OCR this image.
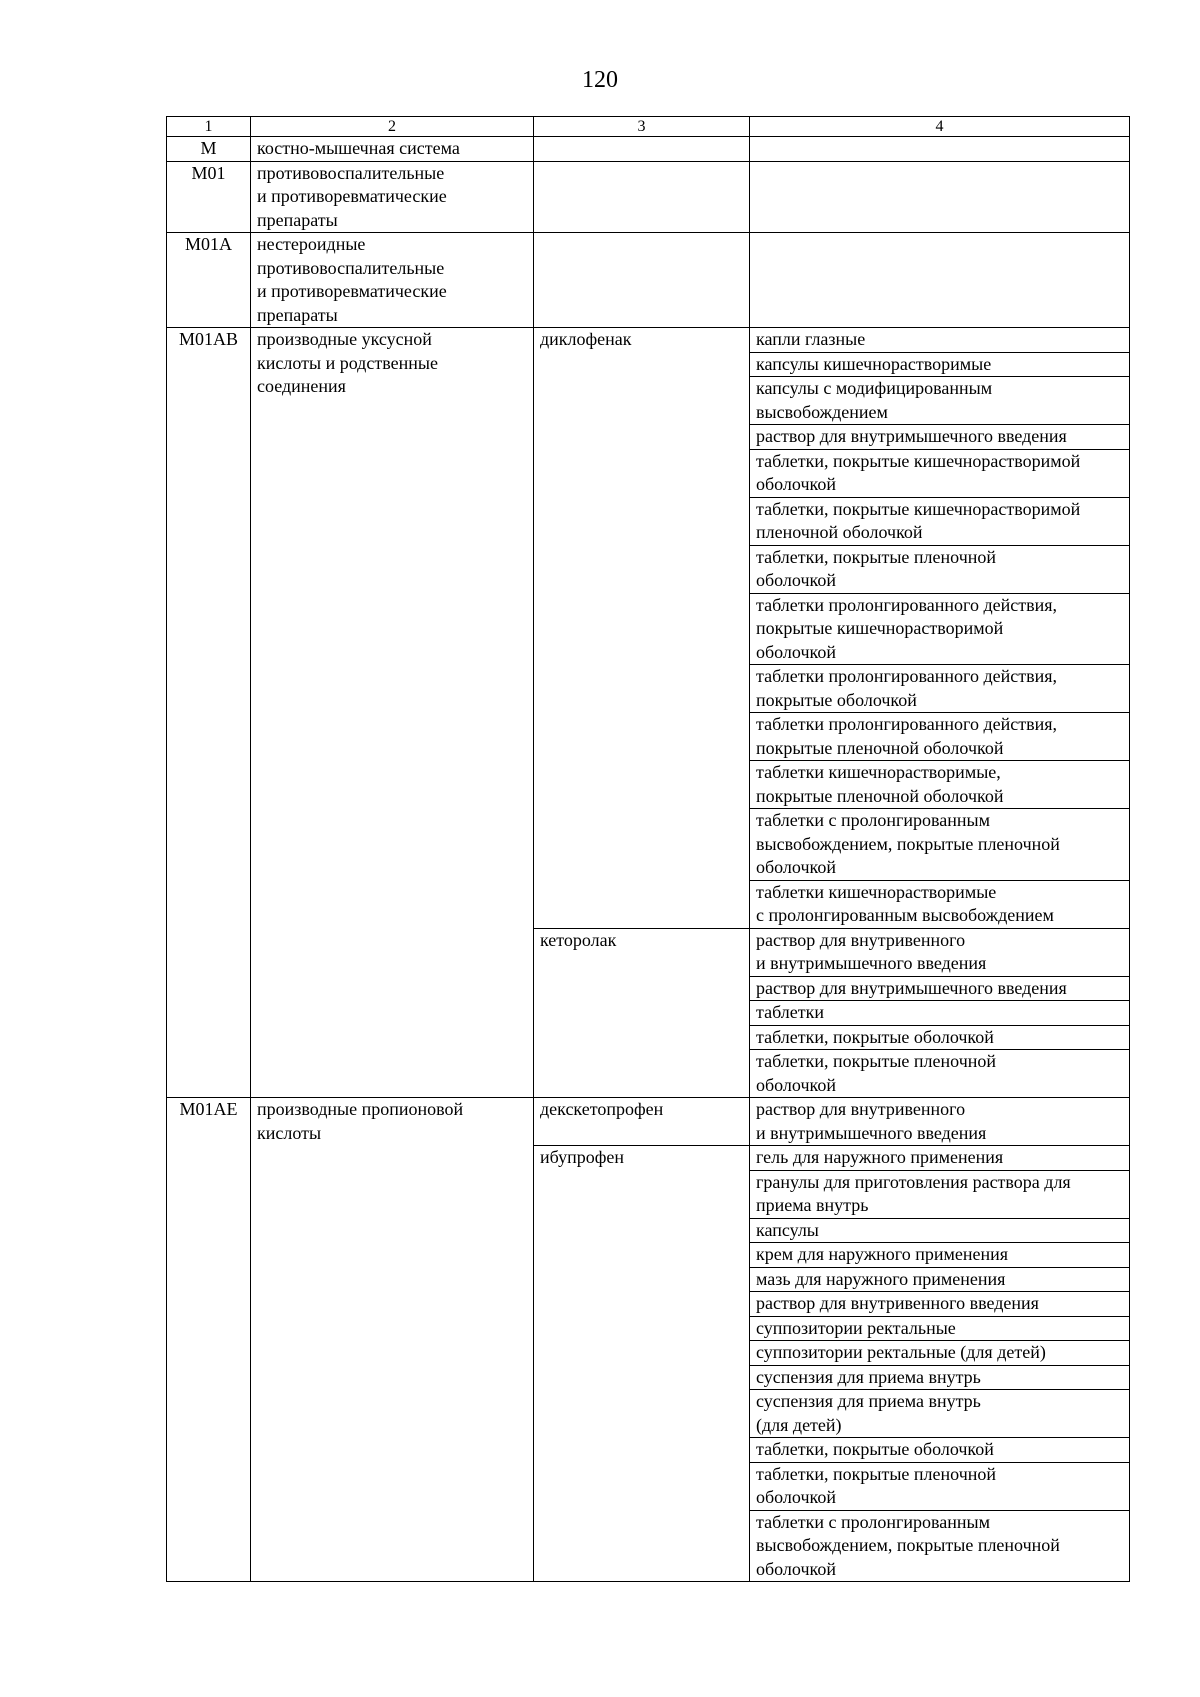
120
1	2	3	4
M	костно-мышечная система		

M01	противовоспалительные
и противоревматические
препараты		

M01A	нестероидные
противовоспалительные
и противоревматические
препараты		

M01AB	производные уксусной
кислоты и родственные
соединения	диклофенак	капли глазные

			капсулы кишечнорастворимые

			капсулы с модифицированным
высвобождением

			раствор для внутримышечного введения

			таблетки, покрытые кишечнорастворимой
оболочкой

			таблетки, покрытые кишечнорастворимой
пленочной оболочкой

			таблетки, покрытые пленочной
оболочкой

			таблетки пролонгированного действия,
покрытые кишечнорастворимой
оболочкой

			таблетки пролонгированного действия,
покрытые оболочкой

			таблетки пролонгированного действия,
покрытые пленочной оболочкой

			таблетки кишечнорастворимые,
покрытые пленочной оболочкой

			таблетки с пролонгированным
высвобождением, покрытые пленочной
оболочкой

			таблетки кишечнорастворимые
с пролонгированным высвобождением

		кеторолак	раствор для внутривенного
и внутримышечного введения

			раствор для внутримышечного введения

			таблетки

			таблетки, покрытые оболочкой

			таблетки, покрытые пленочной
оболочкой

M01AE	производные пропионовой
кислоты	декскетопрофен	раствор для внутривенного
и внутримышечного введения

		ибупрофен	гель для наружного применения

			гранулы для приготовления раствора для
приема внутрь

			капсулы

			крем для наружного применения

			мазь для наружного применения

			раствор для внутривенного введения

			суппозитории ректальные

			суппозитории ректальные (для детей)

			суспензия для приема внутрь

			суспензия для приема внутрь
(для детей)

			таблетки, покрытые оболочкой

			таблетки, покрытые пленочной
оболочкой

			таблетки с пролонгированным
высвобождением, покрытые пленочной
оболочкой
